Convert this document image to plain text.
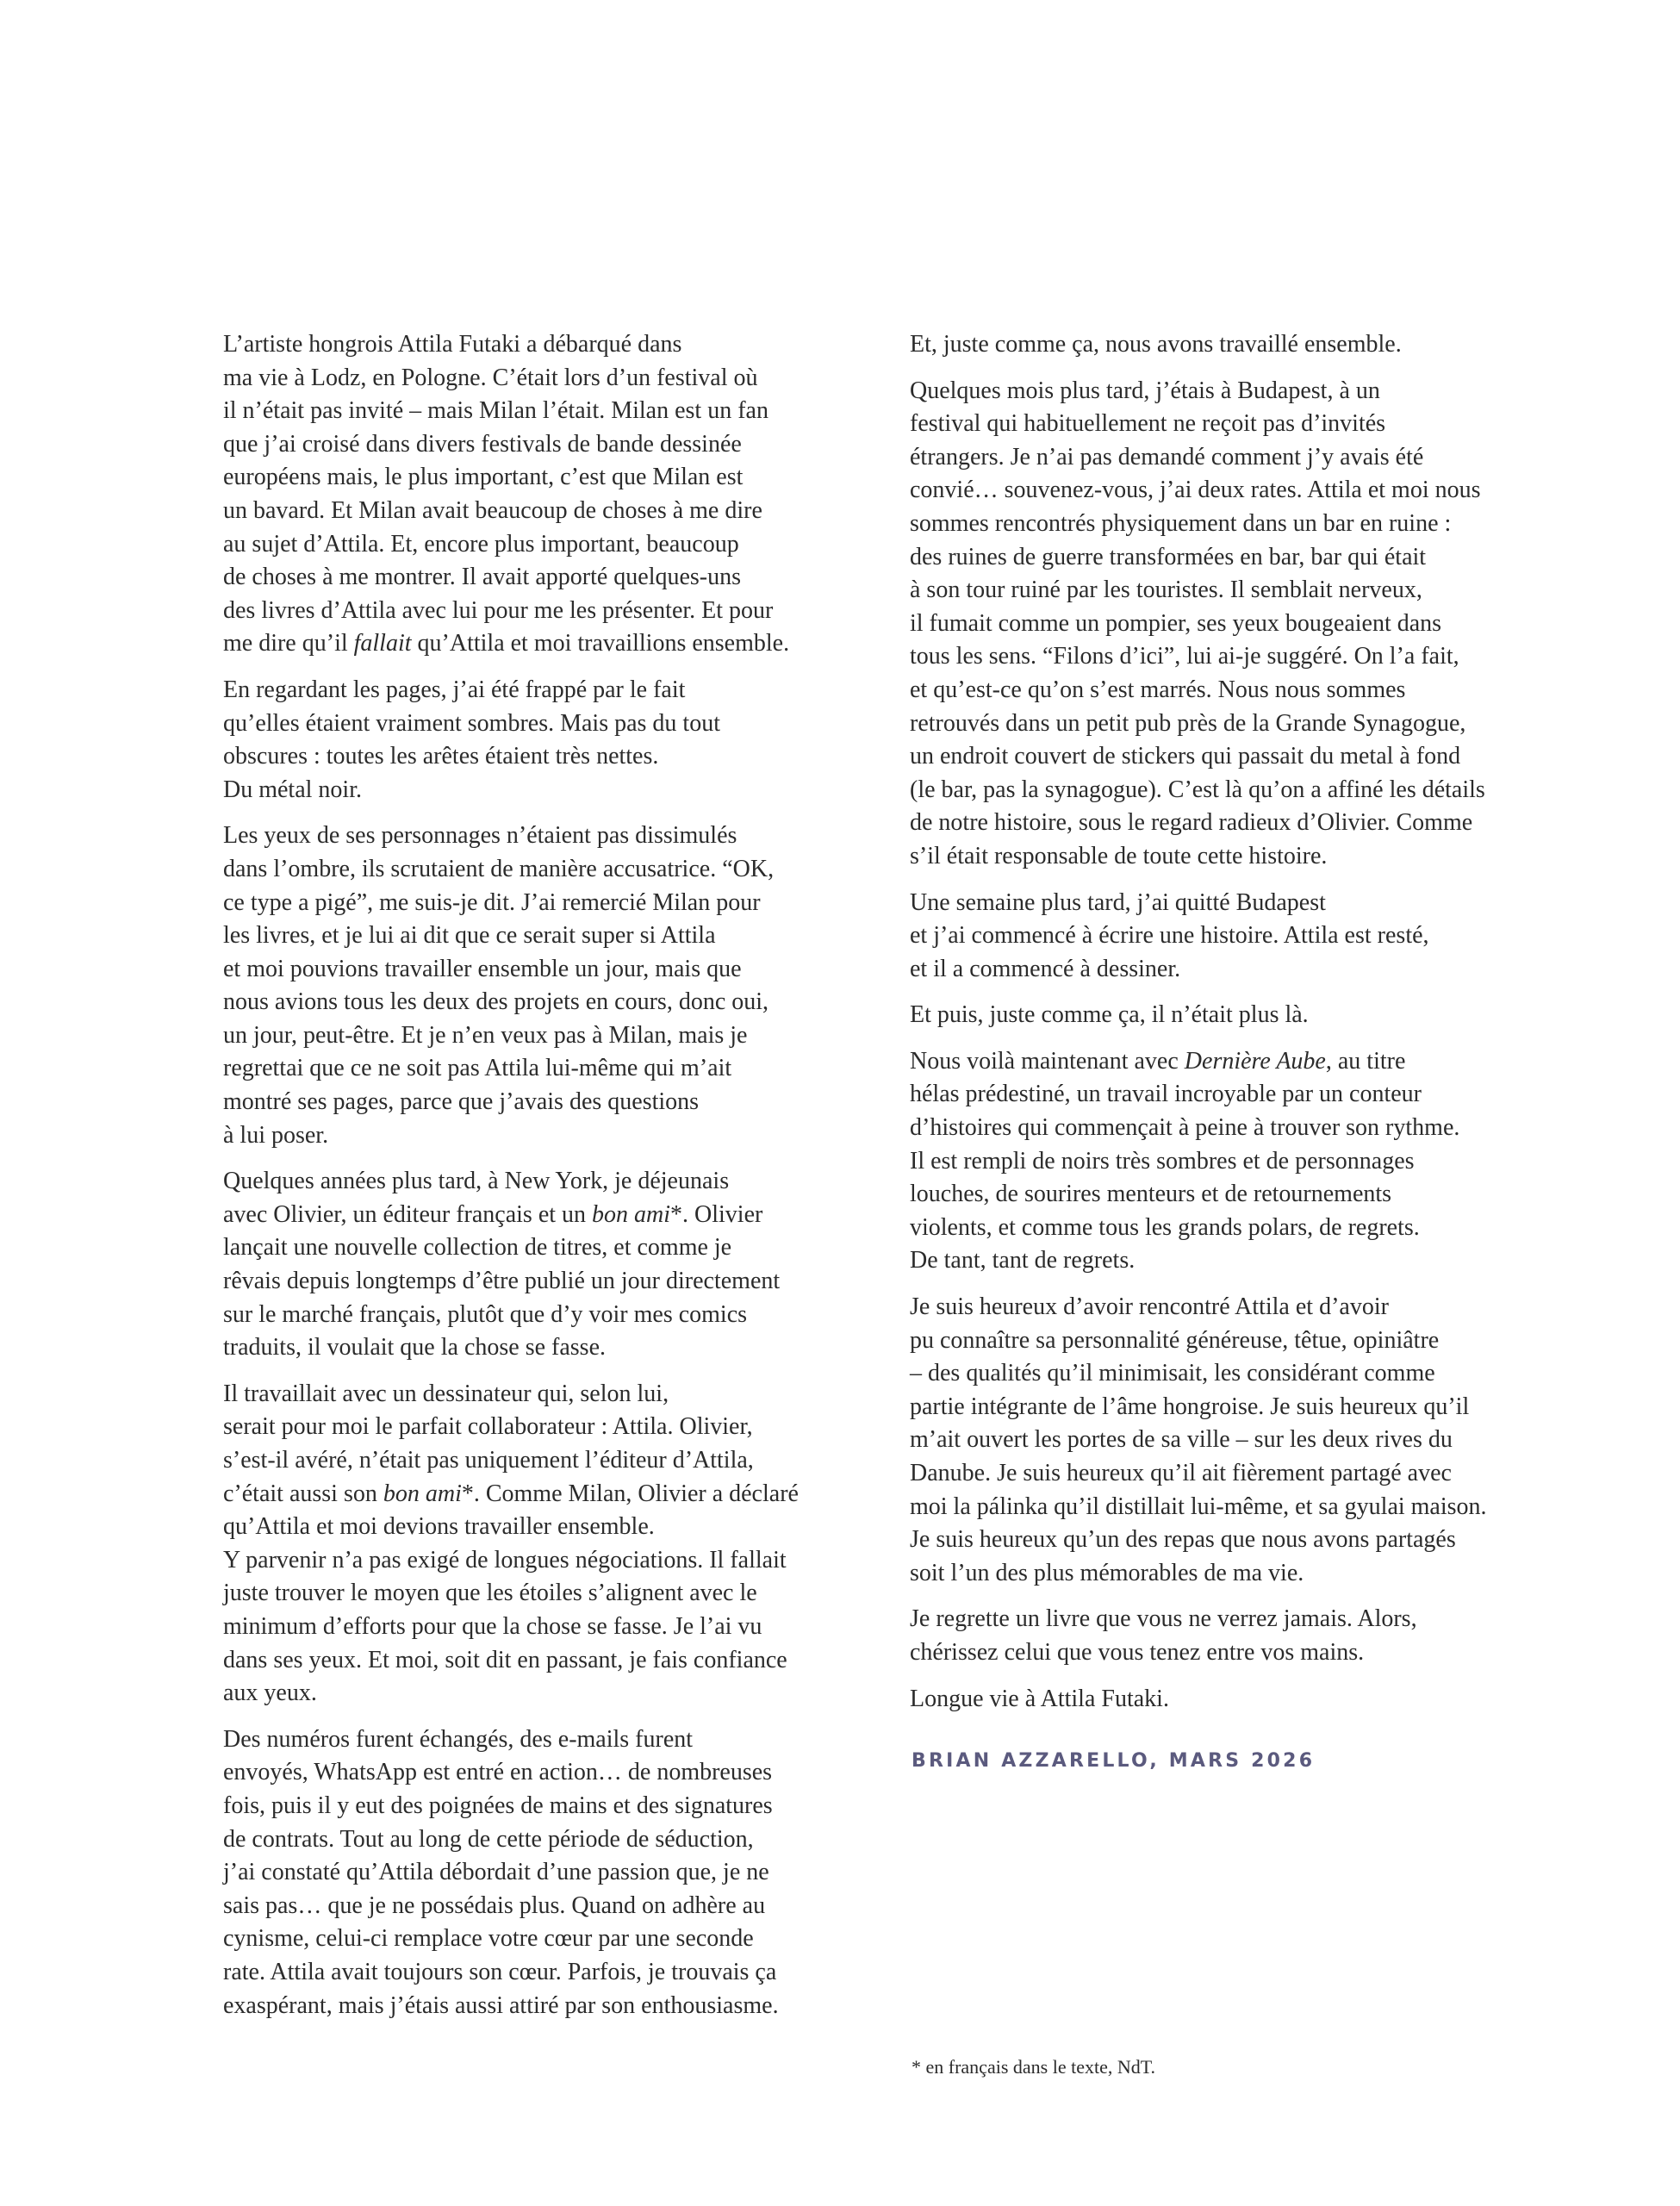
L’artiste hongrois Attila Futaki a débarqué dans
ma vie à Lodz, en Pologne. C’était lors d’un festival où
il n’était pas invité – mais Milan l’était. Milan est un fan
que j’ai croisé dans divers festivals de bande dessinée
européens mais, le plus important, c’est que Milan est
un bavard. Et Milan avait beaucoup de choses à me dire
au sujet d’Attila. Et, encore plus important, beaucoup
de choses à me montrer. Il avait apporté quelques-uns
des livres d’Attila avec lui pour me les présenter. Et pour
me dire qu’il fallait qu’Attila et moi travaillions ensemble.

En regardant les pages, j’ai été frappé par le fait
qu’elles étaient vraiment sombres. Mais pas du tout
obscures : toutes les arêtes étaient très nettes.
Du métal noir.

Les yeux de ses personnages n’étaient pas dissimulés
dans l’ombre, ils scrutaient de manière accusatrice. “OK,
ce type a pigé”, me suis-je dit. J’ai remercié Milan pour
les livres, et je lui ai dit que ce serait super si Attila
et moi pouvions travailler ensemble un jour, mais que
nous avions tous les deux des projets en cours, donc oui,
un jour, peut-être. Et je n’en veux pas à Milan, mais je
regrettai que ce ne soit pas Attila lui-même qui m’ait
montré ses pages, parce que j’avais des questions
à lui poser.

Quelques années plus tard, à New York, je déjeunais
avec Olivier, un éditeur français et un bon ami*. Olivier
lançait une nouvelle collection de titres, et comme je
rêvais depuis longtemps d’être publié un jour directement
sur le marché français, plutôt que d’y voir mes comics
traduits, il voulait que la chose se fasse.

Il travaillait avec un dessinateur qui, selon lui,
serait pour moi le parfait collaborateur : Attila. Olivier,
s’est-il avéré, n’était pas uniquement l’éditeur d’Attila,
c’était aussi son bon ami*. Comme Milan, Olivier a déclaré
qu’Attila et moi devions travailler ensemble.
Y parvenir n’a pas exigé de longues négociations. Il fallait
juste trouver le moyen que les étoiles s’alignent avec le
minimum d’efforts pour que la chose se fasse. Je l’ai vu
dans ses yeux. Et moi, soit dit en passant, je fais confiance
aux yeux.

Des numéros furent échangés, des e-mails furent
envoyés, WhatsApp est entré en action… de nombreuses
fois, puis il y eut des poignées de mains et des signatures
de contrats. Tout au long de cette période de séduction,
j’ai constaté qu’Attila débordait d’une passion que, je ne
sais pas… que je ne possédais plus. Quand on adhère au
cynisme, celui-ci remplace votre cœur par une seconde
rate. Attila avait toujours son cœur. Parfois, je trouvais ça
exaspérant, mais j’étais aussi attiré par son enthousiasme.

Et, juste comme ça, nous avons travaillé ensemble.

Quelques mois plus tard, j’étais à Budapest, à un
festival qui habituellement ne reçoit pas d’invités
étrangers. Je n’ai pas demandé comment j’y avais été
convié… souvenez-vous, j’ai deux rates. Attila et moi nous
sommes rencontrés physiquement dans un bar en ruine :
des ruines de guerre transformées en bar, bar qui était
à son tour ruiné par les touristes. Il semblait nerveux,
il fumait comme un pompier, ses yeux bougeaient dans
tous les sens. “Filons d’ici”, lui ai-je suggéré. On l’a fait,
et qu’est-ce qu’on s’est marrés. Nous nous sommes
retrouvés dans un petit pub près de la Grande Synagogue,
un endroit couvert de stickers qui passait du metal à fond
(le bar, pas la synagogue). C’est là qu’on a affiné les détails
de notre histoire, sous le regard radieux d’Olivier. Comme
s’il était responsable de toute cette histoire.

Une semaine plus tard, j’ai quitté Budapest
et j’ai commencé à écrire une histoire. Attila est resté,
et il a commencé à dessiner.

Et puis, juste comme ça, il n’était plus là.

Nous voilà maintenant avec Dernière Aube, au titre
hélas prédestiné, un travail incroyable par un conteur
d’histoires qui commençait à peine à trouver son rythme.
Il est rempli de noirs très sombres et de personnages
louches, de sourires menteurs et de retournements
violents, et comme tous les grands polars, de regrets.
De tant, tant de regrets.

Je suis heureux d’avoir rencontré Attila et d’avoir
pu connaître sa personnalité généreuse, têtue, opiniâtre
– des qualités qu’il minimisait, les considérant comme
partie intégrante de l’âme hongroise. Je suis heureux qu’il
m’ait ouvert les portes de sa ville – sur les deux rives du
Danube. Je suis heureux qu’il ait fièrement partagé avec
moi la pálinka qu’il distillait lui-même, et sa gyulai maison.
Je suis heureux qu’un des repas que nous avons partagés
soit l’un des plus mémorables de ma vie.

Je regrette un livre que vous ne verrez jamais. Alors,
chérissez celui que vous tenez entre vos mains.

Longue vie à Attila Futaki.

BRIAN AZZARELLO, MARS 2026
* en français dans le texte, NdT.
